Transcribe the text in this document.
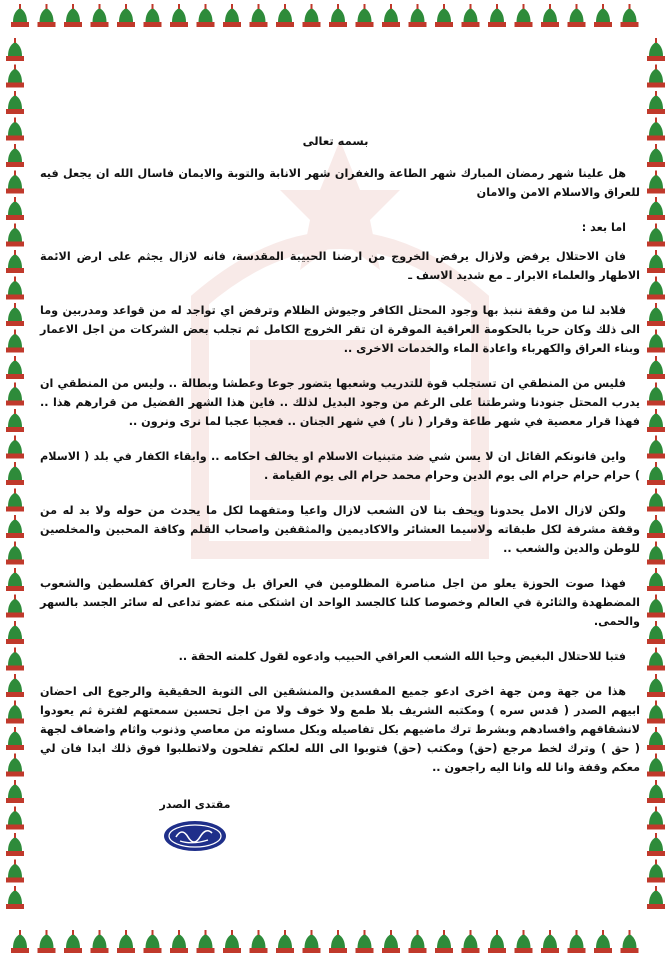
بسمه تعالى

هل علينا شهر رمضان المبارك شهر الطاعة والغفران شهر الانابة والتوبة والايمان فاسال الله ان يجعل فيه للعراق والاسلام الامن والامان

اما بعد :

فان الاحتلال يرفض ولازال يرفض الخروج من ارضنا الحبيبة المقدسة، فانه لازال يجثم على ارض الائمة الاطهار والعلماء الابرار ـ مع شديد الاسف ـ

فلابد لنا من وقفة ننبذ بها وجود المحتل الكافر وجيوش الظلام وترفض اي تواجد له من قواعد ومدربين وما الى ذلك وكان حريا بالحكومة العراقية الموقرة ان تقر الخروج الكامل ثم تجلب بعض الشركات من اجل الاعمار وبناء العراق والكهرباء واعادة الماء والخدمات الاخرى ..

فليس من المنطقي ان تستجلب قوة للتدريب وشعبها يتضور جوعا وعطشا وبطالة .. وليس من المنطقي ان يدرب المحتل جنودنا وشرطتنا على الرغم من وجود البديل لذلك .. فاين هذا الشهر الفضيل من قرارهم هذا .. فهذا قرار معصية في شهر طاعة وقرار ( نار ) في شهر الجنان .. فعجبا عجبا لما نرى ونرون ..

واين قانونكم القائل ان لا يسن شي ضد متبنيات الاسلام او يخالف احكامه .. وابقاء الكفار في بلد ( الاسلام ) حرام حرام حرام الى يوم الدين وحرام محمد حرام الى يوم القيامة .

ولكن لازال الامل يحدونا ويحف بنا لان الشعب لازال واعيا ومتفهما لكل ما يحدث من حوله ولا بد له من وقفة مشرفة لكل طبقاته ولاسيما العشائر والاكاديمين والمثقفين واصحاب القلم وكافة المحبين والمخلصين للوطن والدين والشعب ..

فهذا صوت الحوزة يعلو من اجل مناصرة المظلومين في العراق بل وخارج العراق كفلسطين والشعوب المضطهدة والثائرة في العالم وخصوصا كلنا كالجسد الواحد ان اشتكى منه عضو تداعى له سائر الجسد بالسهر والحمى.

فتبا للاحتلال البغيض وحيا الله الشعب العراقي الحبيب وادعوه لقول كلمته الحقة ..

هذا من جهة ومن جهة اخرى ادعو جميع المفسدين والمنشقين الى التوبة الحقيقية والرجوع الى احضان ابيهم الصدر ( قدس سره ) ومكتبه الشريف بلا طمع ولا خوف ولا من اجل تحسين سمعتهم لفترة ثم يعودوا لانشقاقهم وافسادهم وبشرط ترك ماضيهم بكل تفاصيله وبكل مساوئه من معاصي وذنوب واثام واضعاف لجهة ( حق ) وترك لخط مرجع (حق) ومكتب (حق) فتوبوا الى الله لعلكم تفلحون ولاتطلبوا فوق ذلك ابدا فان لي معكم وقفة وانا لله وانا اليه راجعون ..

مقتدى الصدر
